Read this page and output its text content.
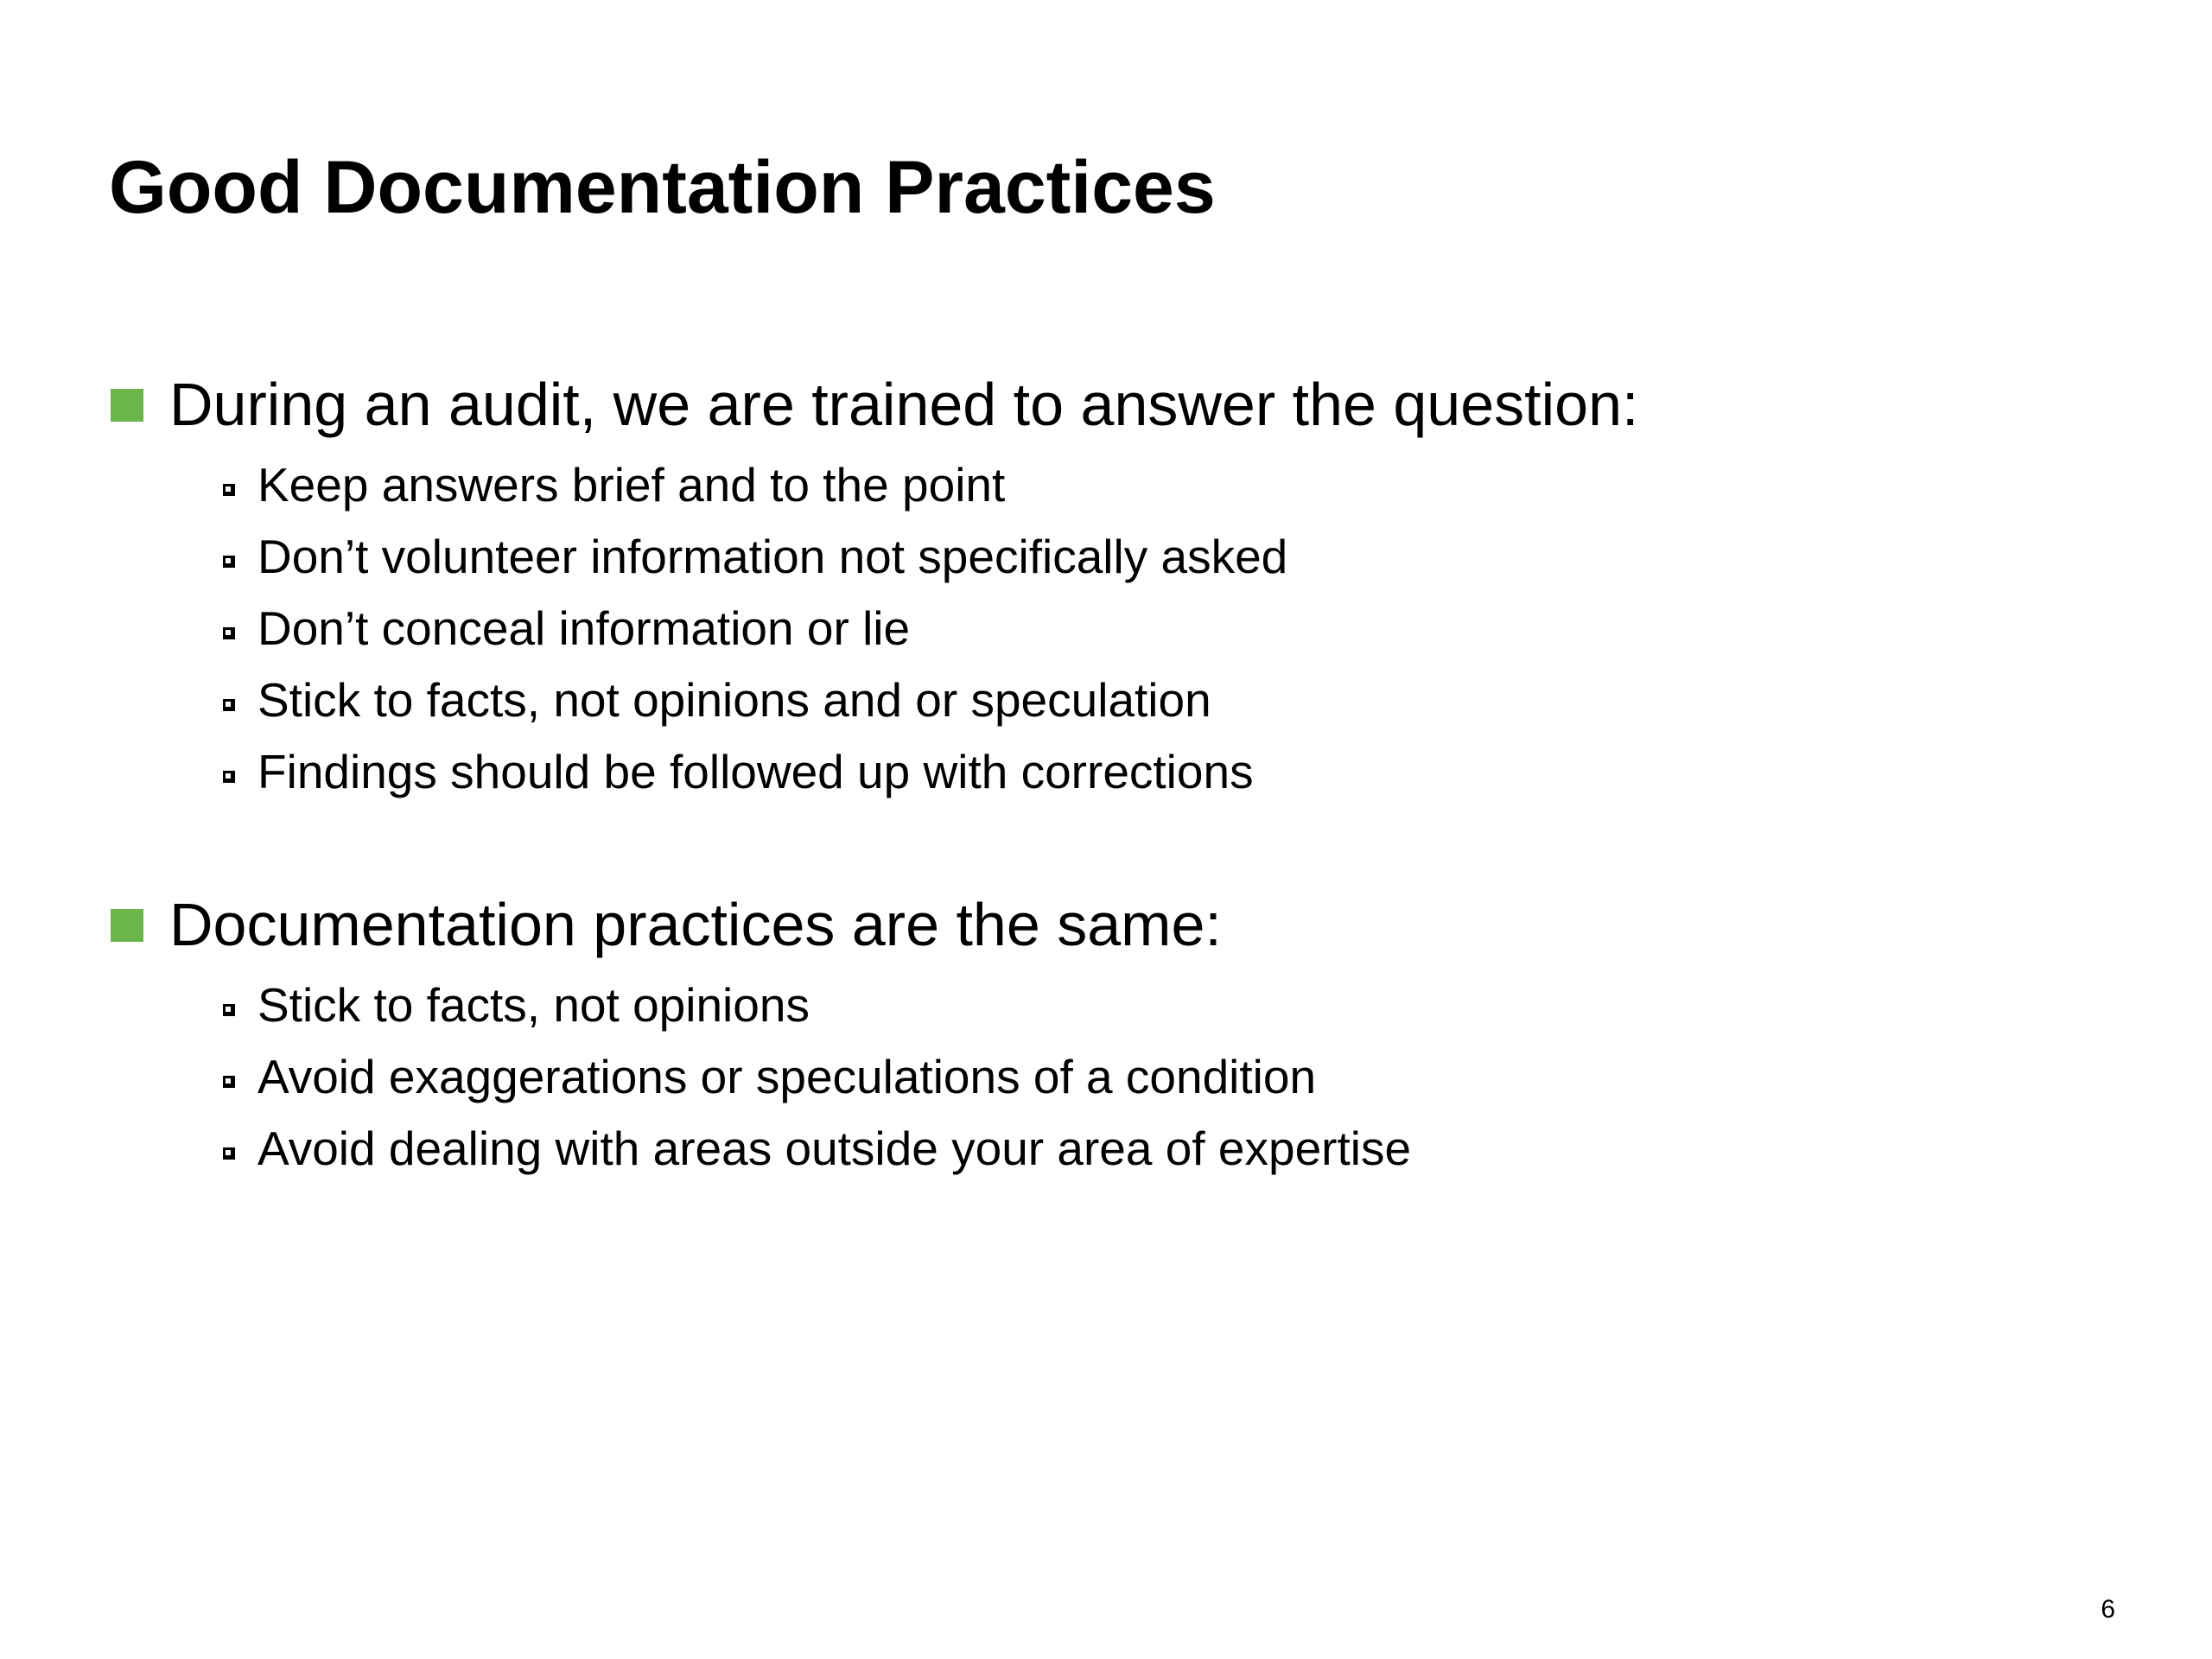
Good Documentation Practices
During an audit, we are trained to answer the question:
Keep answers brief and to the point
Don’t volunteer information not specifically asked
Don’t conceal information or lie
Stick to facts, not opinions and or speculation
Findings should be followed up with corrections
Documentation practices are the same:
Stick to facts, not opinions
Avoid exaggerations or speculations of a condition
Avoid dealing with areas outside your area of expertise
6
